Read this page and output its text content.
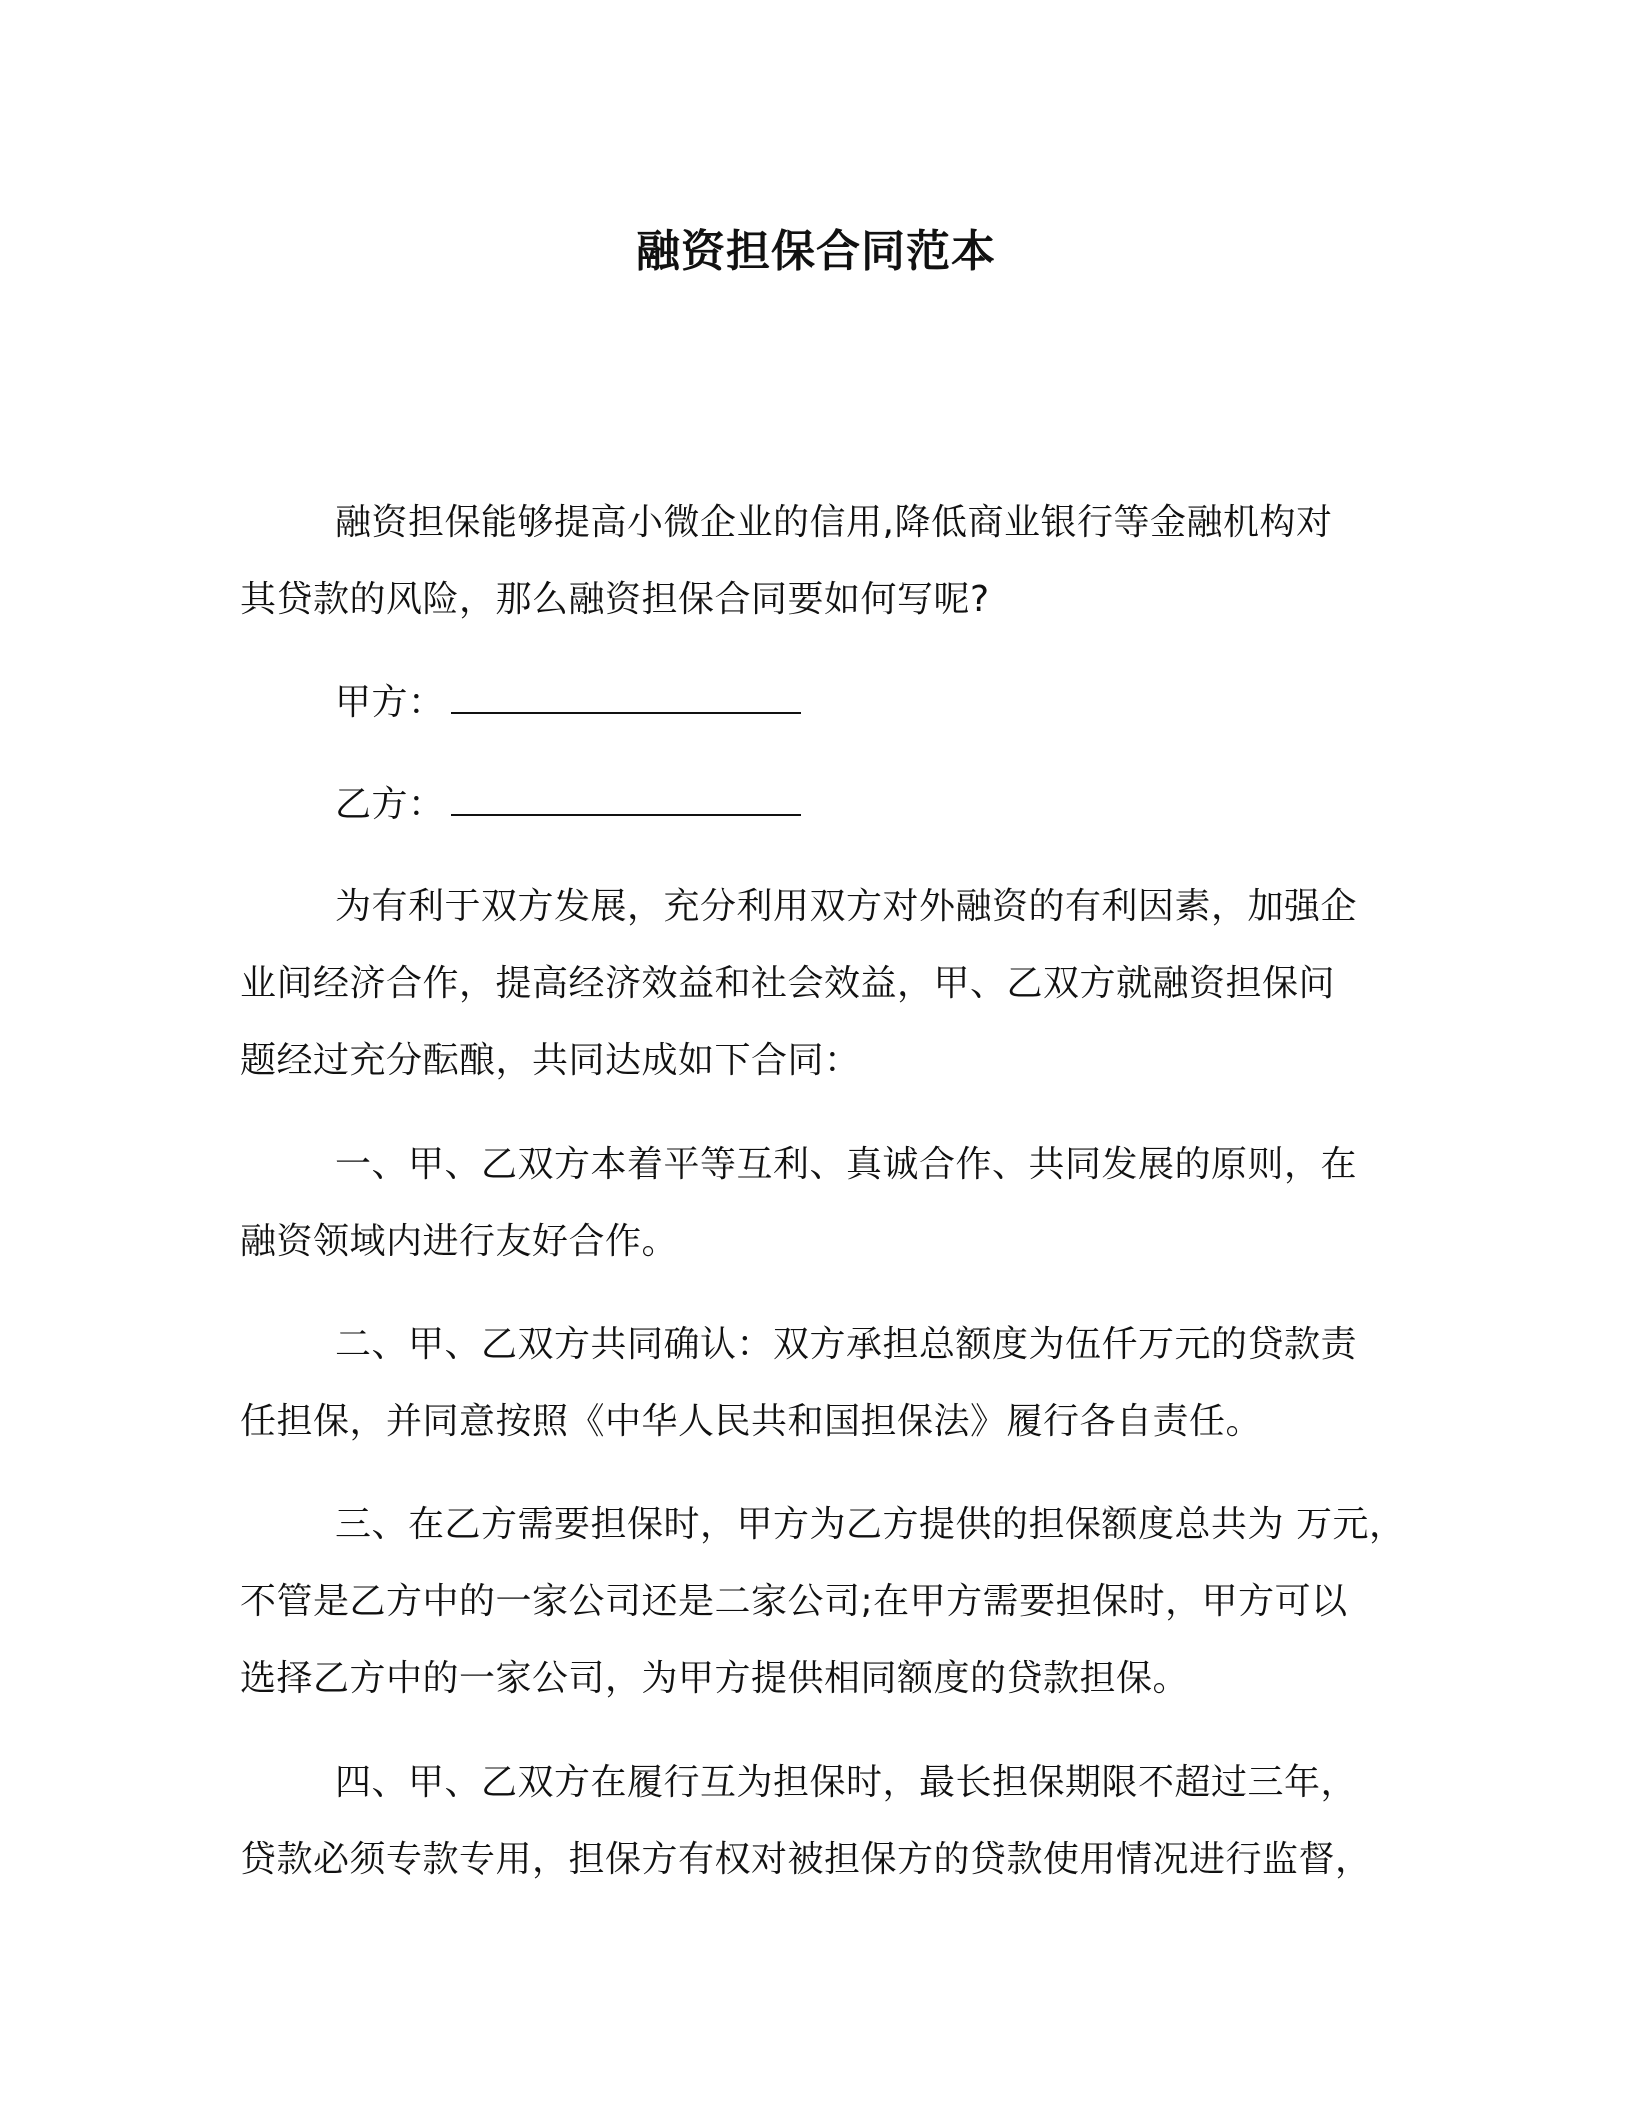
融资担保合同范本
融资担保能够提高小微企业的信用,降低商业银行等金融机构对
其贷款的风险，那么融资担保合同要如何写呢?
甲方：
乙方：
为有利于双方发展，充分利用双方对外融资的有利因素，加强企
业间经济合作，提高经济效益和社会效益，甲、乙双方就融资担保问
题经过充分酝酿，共同达成如下合同：
一、甲、乙双方本着平等互利、真诚合作、共同发展的原则，在
融资领域内进行友好合作。
二、甲、乙双方共同确认：双方承担总额度为伍仟万元的贷款责
任担保，并同意按照《中华人民共和国担保法》履行各自责任。
三、在乙方需要担保时，甲方为乙方提供的担保额度总共为 万元，
不管是乙方中的一家公司还是二家公司;在甲方需要担保时，甲方可以
选择乙方中的一家公司，为甲方提供相同额度的贷款担保。
四、甲、乙双方在履行互为担保时，最长担保期限不超过三年，
贷款必须专款专用，担保方有权对被担保方的贷款使用情况进行监督，
